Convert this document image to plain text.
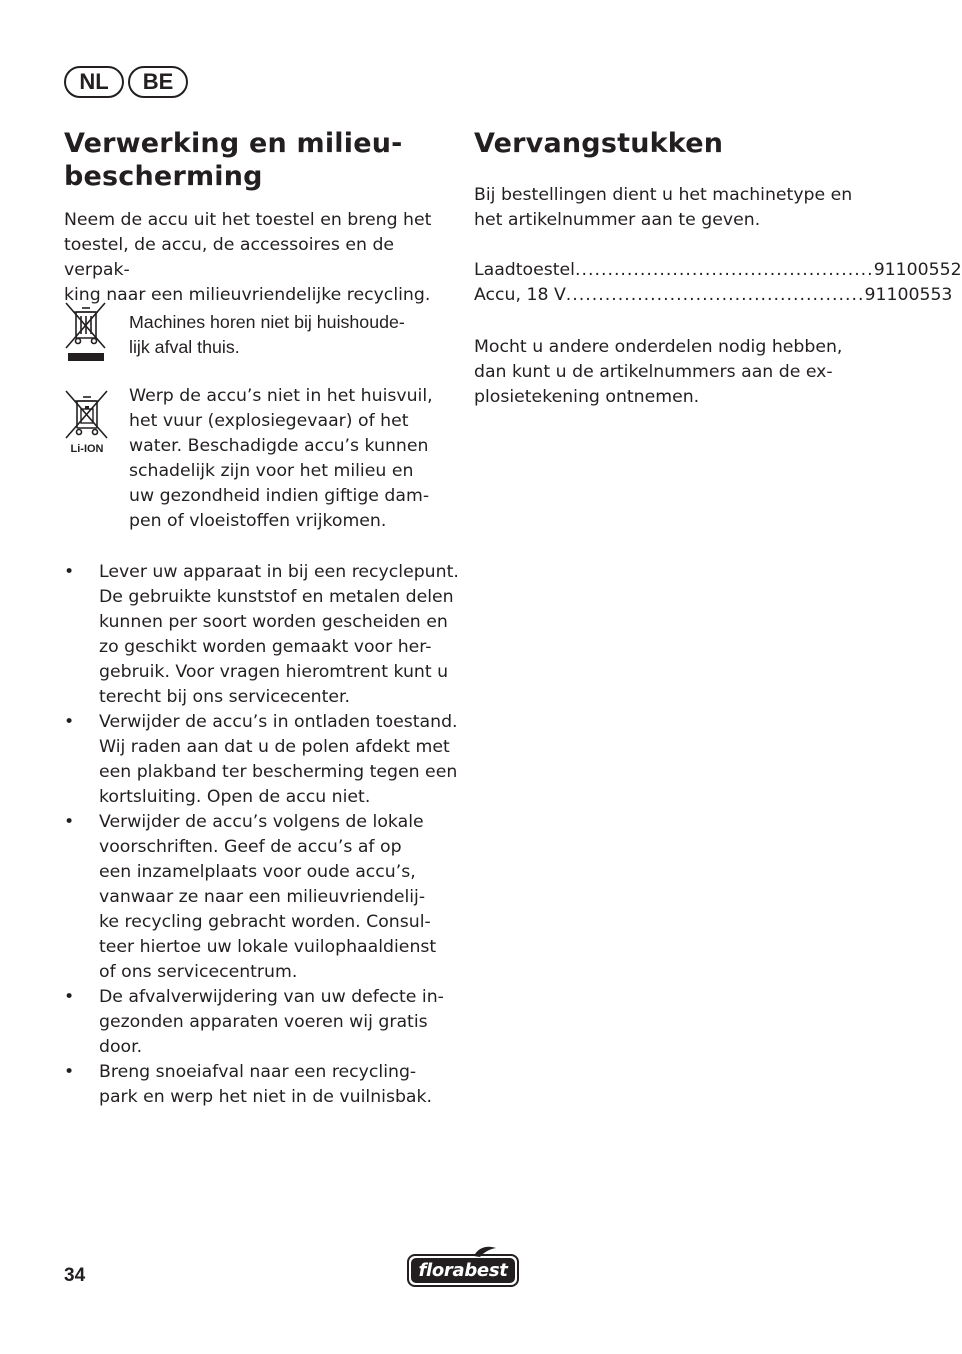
NL	BE
Verwerking en milieu-
bescherming
Neem de accu uit het toestel en breng het
toestel, de accu, de accessoires en de verpak-
king naar een milieuvriendelijke recycling.
Machines horen niet bij huishoude-
lijk afval thuis.
Li-ION
Werp de accu’s niet in het huisvuil,
het vuur (explosiegevaar) of het
water. Beschadigde accu’s kunnen
schadelijk zijn voor het milieu en
uw gezondheid indien giftige dam-
pen of vloeistoffen vrijkomen.
• Lever uw apparaat in bij een recyclepunt.
De gebruikte kunststof en metalen delen
kunnen per soort worden gescheiden en
zo geschikt worden gemaakt voor her-
gebruik. Voor vragen hieromtrent kunt u
terecht bij ons servicecenter.
• Verwijder de accu’s in ontladen toestand.
Wij raden aan dat u de polen afdekt met
een plakband ter bescherming tegen een
kortsluiting. Open de accu niet.
• Verwijder de accu’s volgens de lokale
voorschriften. Geef de accu’s af op
een inzamelplaats voor oude accu’s,
vanwaar ze naar een milieuvriendelij-
ke recycling gebracht worden. Consul-
teer hiertoe uw lokale vuilophaaldienst
of ons servicecentrum.
• De afvalverwijdering van uw defecte in-
gezonden apparaten voeren wij gratis
door.
• Breng snoeiafval naar een recycling-
park en werp het niet in de vuilnisbak.
Vervangstukken
Bij bestellingen dient u het machinetype en
het artikelnummer aan te geven.
Laadtoestel .............................................. 91100552
Accu, 18 V .............................................. 91100553
Mocht u andere onderdelen nodig hebben,
dan kunt u de artikelnummers aan de ex-
plosietekening ontnemen.
34	florabest
